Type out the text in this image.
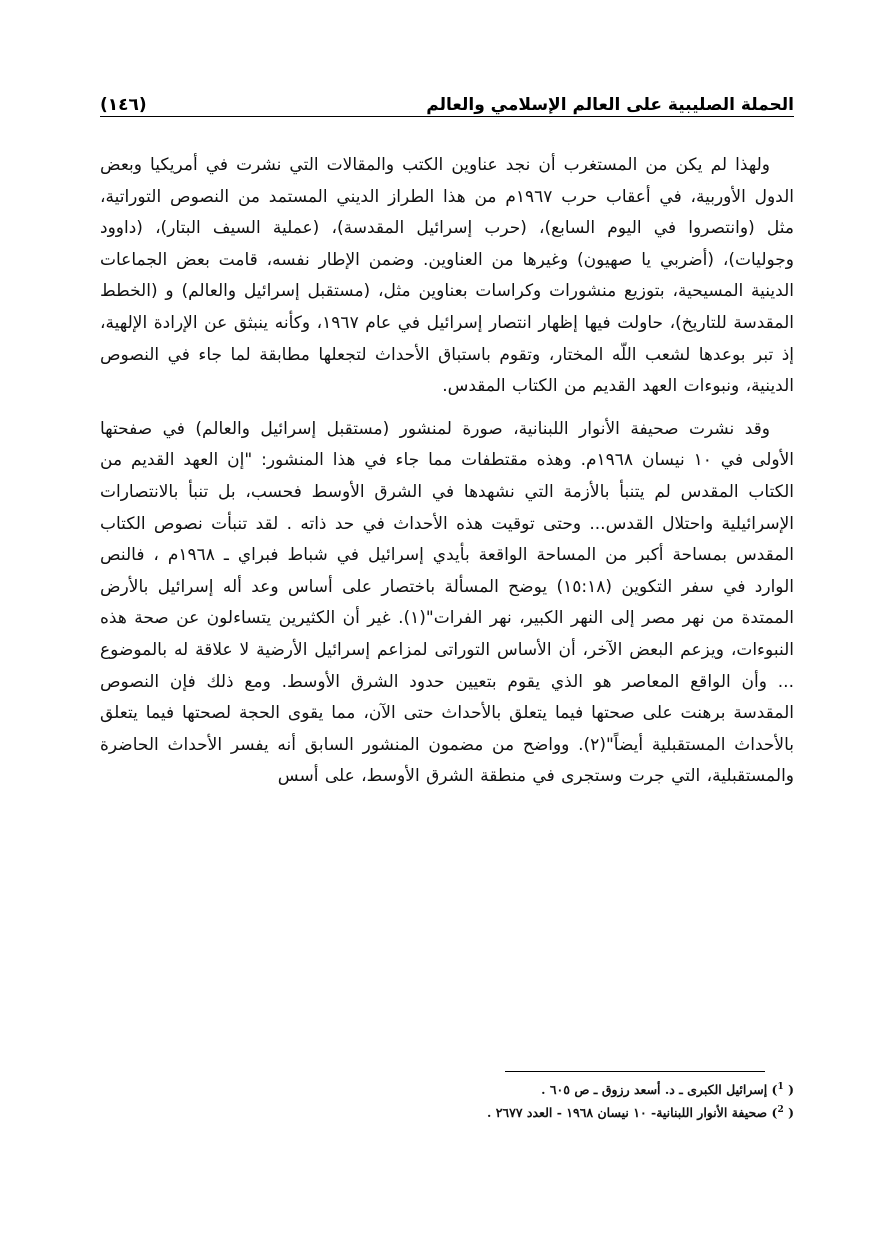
الحملة الصليبية على العالم الإسلامي والعالم
(١٤٦)

ولهذا لم يكن من المستغرب أن نجد عناوين الكتب والمقالات التي نشرت في أمريكيا وبعض الدول الأوربية، في أعقاب حرب ١٩٦٧م من هذا الطراز الديني المستمد من النصوص التوراتية، مثل (وانتصروا في اليوم السابع)، (حرب إسرائيل المقدسة)، (عملية السيف البتار)، (داوود وجوليات)، (أضربي يا صهيون) وغيرها من العناوين. وضمن الإطار نفسه، قامت بعض الجماعات الدينية المسيحية، بتوزيع منشورات وكراسات بعناوين مثل، (مستقبل إسرائيل والعالم) و (الخطط المقدسة للتاريخ)، حاولت فيها إظهار انتصار إسرائيل في عام ١٩٦٧، وكأنه ينبثق عن الإرادة الإلهية، إذ تبر بوعدها لشعب اللّه المختار، وتقوم باستباق الأحداث لتجعلها مطابقة لما جاء في النصوص الدينية، ونبوءات العهد القديم من الكتاب المقدس.

وقد نشرت صحيفة الأنوار اللبنانية، صورة لمنشور (مستقبل إسرائيل والعالم) في صفحتها الأولى في ١٠ نيسان ١٩٦٨م. وهذه مقتطفات مما جاء في هذا المنشور: "إن العهد القديم من الكتاب المقدس لم يتنبأ بالأزمة التي نشهدها في الشرق الأوسط فحسب، بل تنبأ بالانتصارات الإسرائيلية واحتلال القدس... وحتى توقيت هذه الأحداث في حد ذاته . لقد تنبأت نصوص الكتاب المقدس بمساحة أكبر من المساحة الواقعة بأيدي إسرائيل في شباط فبراي ـ ١٩٦٨م ، فالنص الوارد في سفر التكوين (١٥:١٨) يوضح المسألة باختصار على أساس وعد أله إسرائيل بالأرض الممتدة من نهر مصر إلى النهر الكبير، نهر الفرات"(١). غير أن الكثيرين يتساءلون عن صحة هذه النبوءات، ويزعم البعض الآخر، أن الأساس التوراتى لمزاعم إسرائيل الأرضية لا علاقة له بالموضوع ... وأن الواقع المعاصر هو الذي يقوم بتعيين حدود الشرق الأوسط. ومع ذلك فإن النصوص المقدسة برهنت على صحتها فيما يتعلق بالأحداث حتى الآن، مما يقوى الحجة لصحتها فيما يتعلق بالأحداث المستقبلية أيضاً"(٢). وواضح من مضمون المنشور السابق أنه يفسر الأحداث الحاضرة والمستقبلية، التي جرت وستجرى في منطقة الشرق الأوسط، على أسس

( $^1$) إسرائيل الكبرى ـ د. أسعد رزوق ـ ص ٦٠٥ .
( $^2$) صحيفة الأنوار اللبنانية- ١٠ نيسان ١٩٦٨ - العدد ٢٦٧٧ .
